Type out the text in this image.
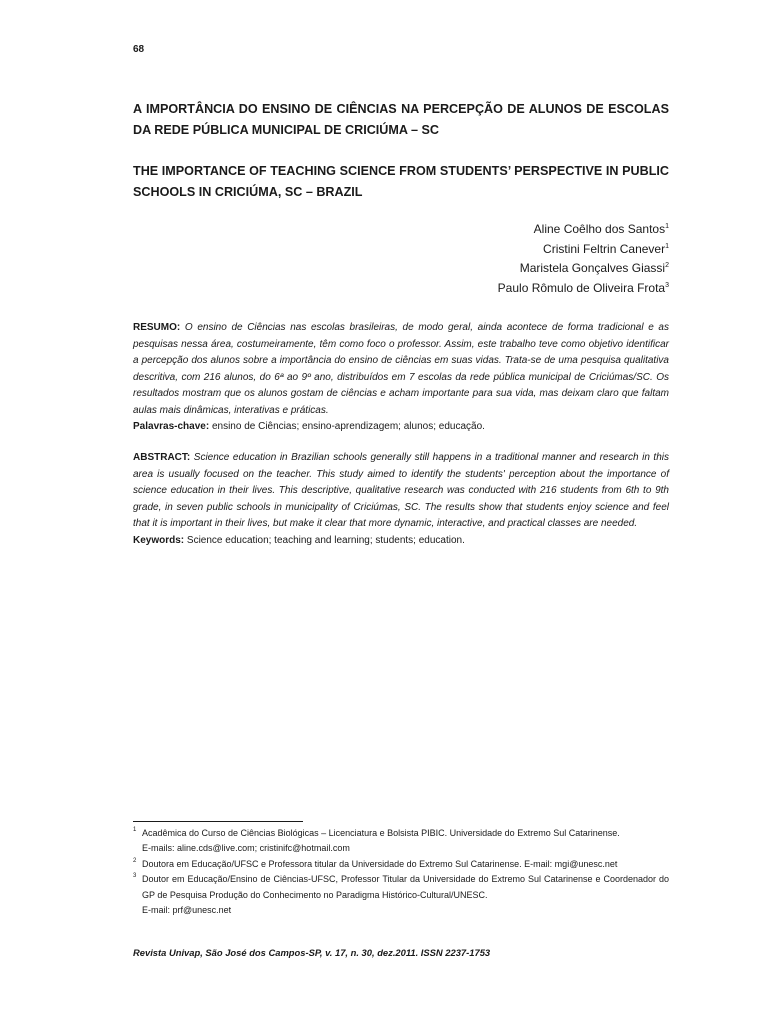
68

A IMPORTÂNCIA DO ENSINO DE CIÊNCIAS NA PERCEPÇÃO DE ALUNOS DE ESCOLAS DA REDE PÚBLICA MUNICIPAL DE CRICIÚMA – SC

THE IMPORTANCE OF TEACHING SCIENCE FROM STUDENTS’ PERSPECTIVE IN PUBLIC SCHOOLS IN CRICIÚMA, SC – BRAZIL

Aline Coêlho dos Santos$^1$
Cristini Feltrin Canever$^1$
Maristela Gonçalves Giassi$^2$
Paulo Rômulo de Oliveira Frota$^3$
RESUMO: O ensino de Ciências nas escolas brasileiras, de modo geral, ainda acontece de forma tradicional e as pesquisas nessa área, costumeiramente, têm como foco o professor. Assim, este trabalho teve como objetivo identificar a percepção dos alunos sobre a importância do ensino de ciências em suas vidas. Trata-se de uma pesquisa qualitativa descritiva, com 216 alunos, do 6ª ao 9º ano, distribuídos em 7 escolas da rede pública municipal de Criciúmas/SC. Os resultados mostram que os alunos gostam de ciências e acham importante para sua vida, mas deixam claro que faltam aulas mais dinâmicas, interativas e práticas.
Palavras-chave: ensino de Ciências; ensino-aprendizagem; alunos; educação.
ABSTRACT: Science education in Brazilian schools generally still happens in a traditional manner and research in this area is usually focused on the teacher. This study aimed to identify the students' perception about the importance of science education in their lives. This descriptive, qualitative research was conducted with 216 students from 6th to 9th grade, in seven public schools in municipality of Criciúmas, SC. The results show that students enjoy science and feel that it is important in their lives, but make it clear that more dynamic, interactive, and practical classes are needed.
Keywords: Science education; teaching and learning; students; education.
1 Acadêmica do Curso de Ciências Biológicas – Licenciatura e Bolsista PIBIC. Universidade do Extremo Sul Catarinense.
E-mails: aline.cds@live.com; cristinifc@hotmail.com
2 Doutora em Educação/UFSC e Professora titular da Universidade do Extremo Sul Catarinense. E-mail: mgi@unesc.net
3 Doutor em Educação/Ensino de Ciências-UFSC, Professor Titular da Universidade do Extremo Sul Catarinense e Coordenador do GP de Pesquisa Produção do Conhecimento no Paradigma Histórico-Cultural/UNESC.
E-mail: prf@unesc.net
Revista Univap, São José dos Campos-SP, v. 17, n. 30, dez.2011. ISSN 2237-1753
